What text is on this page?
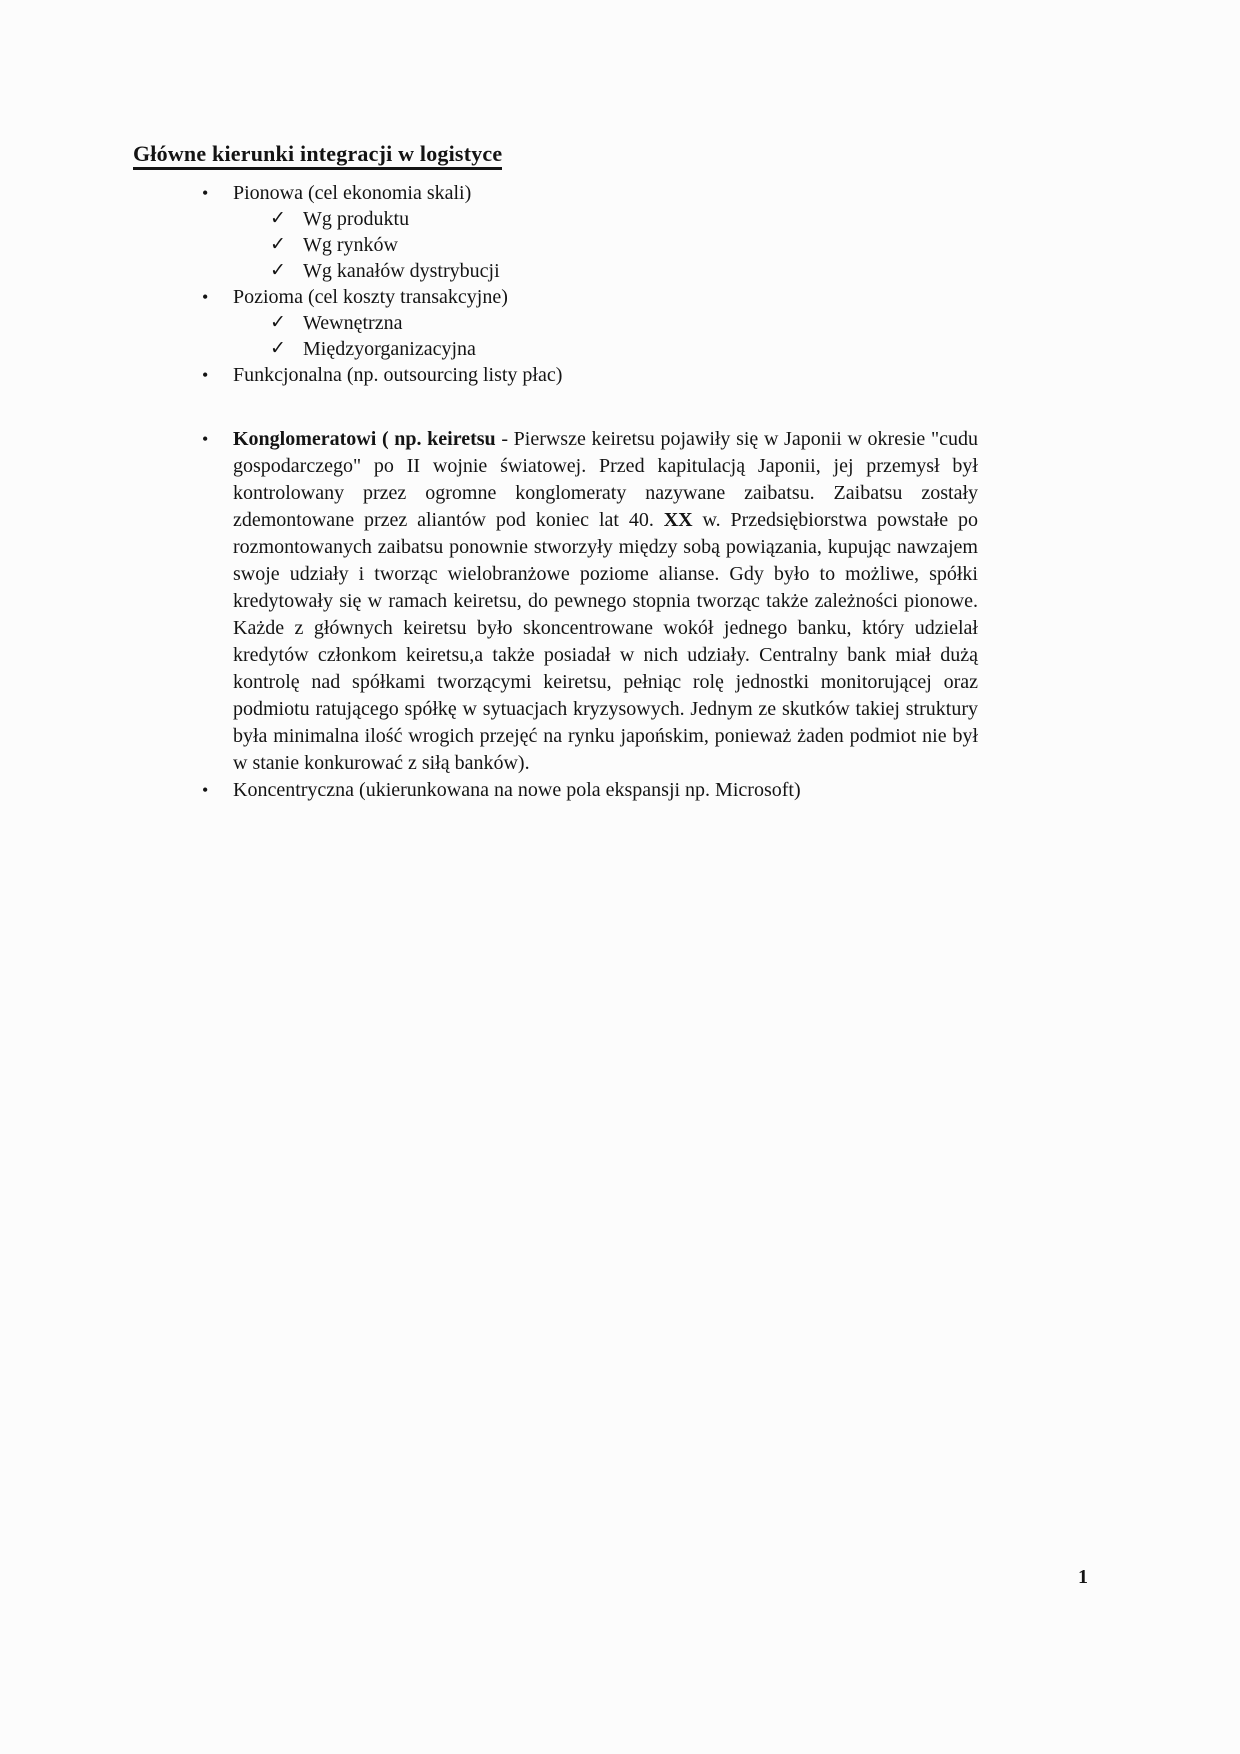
Główne kierunki integracji w logistyce
•	Pionowa (cel ekonomia skali)
✓ Wg produktu
✓ Wg rynków
✓ Wg kanałów dystrybucji
•	Pozioma (cel koszty transakcyjne)
✓ Wewnętrzna
✓ Międzyorganizacyjna
•	Funkcjonalna (np. outsourcing listy płac)
•	Konglomeratowi ( np. keiretsu - Pierwsze keiretsu pojawiły się w Japonii w okresie "cudu gospodarczego" po II wojnie światowej. Przed kapitulacją Japonii, jej przemysł był kontrolowany przez ogromne konglomeraty nazywane zaibatsu. Zaibatsu zostały zdemontowane przez aliantów pod koniec lat 40. XX w. Przedsiębiorstwa powstałe po rozmontowanych zaibatsu ponownie stworzyły między sobą powiązania, kupując nawzajem swoje udziały i tworząc wielobranżowe poziome alianse. Gdy było to możliwe, spółki kredytowały się w ramach keiretsu, do pewnego stopnia tworząc także zależności pionowe. Każde z głównych keiretsu było skoncentrowane wokół jednego banku, który udzielał kredytów członkom keiretsu,a także posiadał w nich udziały. Centralny bank miał dużą kontrolę nad spółkami tworzącymi keiretsu, pełniąc rolę jednostki monitorującej oraz podmiotu ratującego spółkę w sytuacjach kryzysowych. Jednym ze skutków takiej struktury była minimalna ilość wrogich przejęć na rynku japońskim, ponieważ żaden podmiot nie był w stanie konkurować z siłą banków).
•	Koncentryczna (ukierunkowana na nowe pola ekspansji np. Microsoft)
1
